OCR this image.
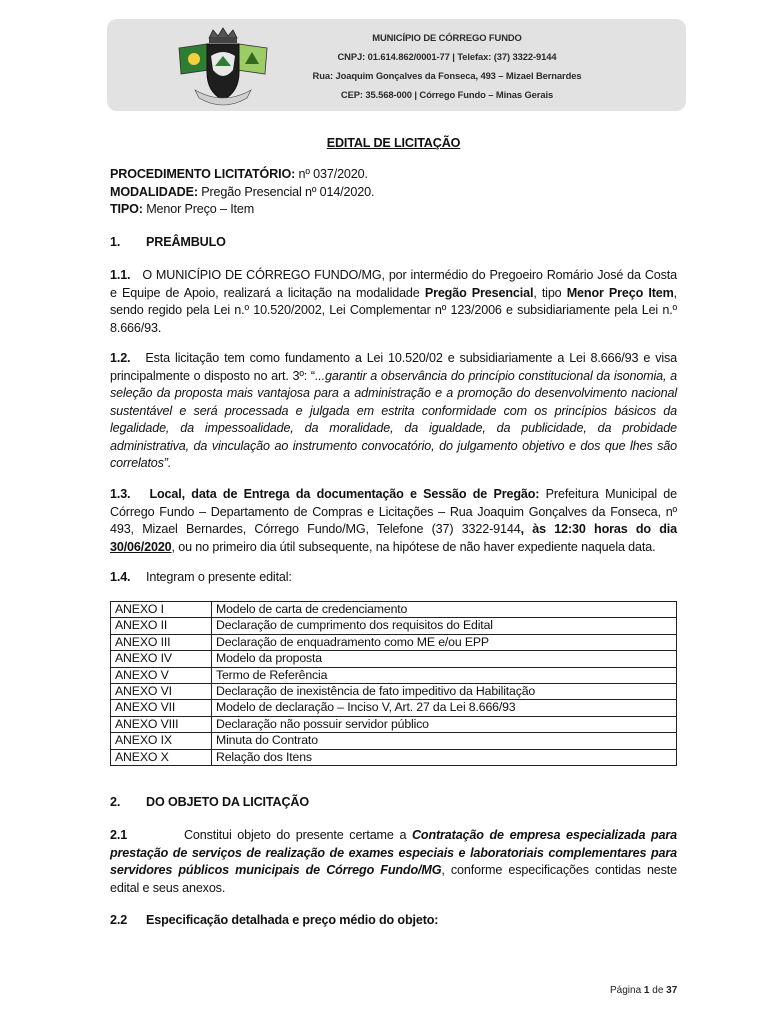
MUNICÍPIO DE CÓRREGO FUNDO
CNPJ: 01.614.862/0001-77 | Telefax: (37) 3322-9144
Rua: Joaquim Gonçalves da Fonseca, 493 – Mizael Bernardes
CEP: 35.568-000 | Córrego Fundo – Minas Gerais
EDITAL DE LICITAÇÃO
PROCEDIMENTO LICITATÓRIO: nº 037/2020.
MODALIDADE: Pregão Presencial nº 014/2020.
TIPO: Menor Preço – Item
1. PREÂMBULO
1.1. O MUNICÍPIO DE CÓRREGO FUNDO/MG, por intermédio do Pregoeiro Romário José da Costa e Equipe de Apoio, realizará a licitação na modalidade Pregão Presencial, tipo Menor Preço Item, sendo regido pela Lei n.º 10.520/2002, Lei Complementar nº 123/2006 e subsidiariamente pela Lei n.º 8.666/93.
1.2. Esta licitação tem como fundamento a Lei 10.520/02 e subsidiariamente a Lei 8.666/93 e visa principalmente o disposto no art. 3º: “...garantir a observância do princípio constitucional da isonomia, a seleção da proposta mais vantajosa para a administração e a promoção do desenvolvimento nacional sustentável e será processada e julgada em estrita conformidade com os princípios básicos da legalidade, da impessoalidade, da moralidade, da igualdade, da publicidade, da probidade administrativa, da vinculação ao instrumento convocatório, do julgamento objetivo e dos que lhes são correlatos”.
1.3. Local, data de Entrega da documentação e Sessão de Pregão: Prefeitura Municipal de Córrego Fundo – Departamento de Compras e Licitações – Rua Joaquim Gonçalves da Fonseca, nº 493, Mizael Bernardes, Córrego Fundo/MG, Telefone (37) 3322-9144, às 12:30 horas do dia 30/06/2020, ou no primeiro dia útil subsequente, na hipótese de não haver expediente naquela data.
1.4. Integram o presente edital:
ANEXO I	Modelo de carta de credenciamento
ANEXO II	Declaração de cumprimento dos requisitos do Edital
ANEXO III	Declaração de enquadramento como ME e/ou EPP
ANEXO IV	Modelo da proposta
ANEXO V	Termo de Referência
ANEXO VI	Declaração de inexistência de fato impeditivo da Habilitação
ANEXO VII	Modelo de declaração – Inciso V, Art. 27 da Lei 8.666/93
ANEXO VIII	Declaração não possuir servidor público
ANEXO IX	Minuta do Contrato
ANEXO X	Relação dos Itens
2. DO OBJETO DA LICITAÇÃO
2.1	Constitui objeto do presente certame a Contratação de empresa especializada para prestação de serviços de realização de exames especiais e laboratoriais complementares para servidores públicos municipais de Córrego Fundo/MG, conforme especificações contidas neste edital e seus anexos.
2.2 Especificação detalhada e preço médio do objeto:
Página 1 de 37
